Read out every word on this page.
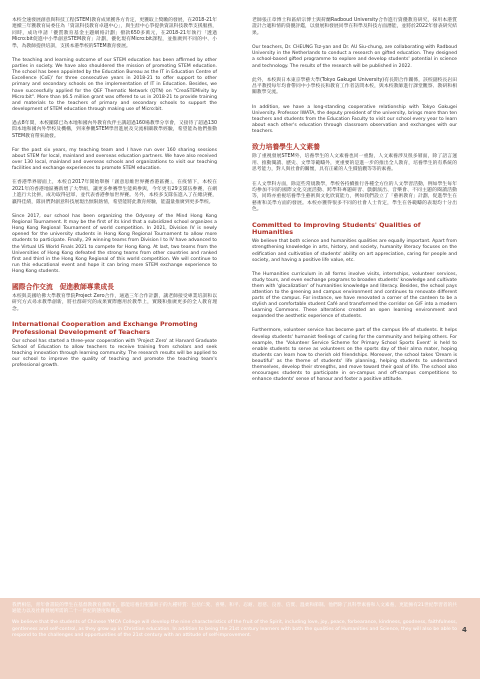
本校全速發展創意與科技工程(STEM)教育成果獲各方肯定，更獲取上獎勵的發展，在2018-21年連續三年獲教育局委任為「資訊科技教育卓越中心」，與生涯中心爭提供資訊科技教學支援服務，同時，成功申請「優質教育基金主題網絡計劃」撥款650多萬元，在2018-21年執行「透過Micro:bit促進中小學創意STEM教育」計劃，優化現有Micro:bit課程，並推廣到不同的中、小學，為教師提供培訓，支援本港學校的STEM教育發展。

The teaching and learning outcome of our STEM education has been affirmed by other parties in society. We have also shouldered the mission of promoting STEM education. The school has been appointed by the Education Bureau as the IT in Education Centre of Excellence (CoE)' for three consecutive years in 2018-21 to offer support to other primary and secondary schools on the implementation of IT in Education. Besides, we have successfully applied for the QEF Thematic Network (QTN) on "CreaSTEMivity by Micro:bit". More than $6.5 million grant was offered to us in 2018-21 to provide training and materials to the teachers of primary and secondary schools to support the development of STEM education through making use of Micro:bit.

過去8年間，本校團隊已為本地和國內外教育伙伴主講超過160場教學分享會，又接待了超過130間本地和國內外學校及機構，到來參觀STEM學習進展及交流相關教學經驗，希望能為他們推動STEM教育帶來啟發。

For the past six years, my teaching team and I have run over 160 sharing sessions about STEM for local, mainland and overseas education partners. We have also received over 130 local, mainland and overseas schools and organizations to visit our teaching facilities and exchange experiences to promote STEM education.

在香港學界層面上，本校自2017年開始舉辦「創意思維世界賽香港區賽」，在疫情下，本校在2021年的香港地區賽新增了大學組，讓更多參賽學生能夠參與，今年更有29支隊伍參賽，在網上進行大比拼，成功取得冠軍，並代表香港參加世界賽。另外，本校多支隊伍進入了在總決賽，贏得佳績，隊員們對創意科技展現出無限熱情，希望能將此教育經驗，能盡量推廣到更多學校。

Since 2017, our school has been organizing the Odyssey of the Mind Hong Kong Regional Tournament. It may be the first of its kind that a subsidized school organizes a Hong Kong Regional Tournament of world competition. In 2021, Division IV is newly opened for the university students in Hong Kong Regional Tournament to allow more students to participate. Finally, 29 winning teams from Division I to IV have advanced to the Virtual US World Finals 2021 to compete for Hong Kong. At last, two teams from the Universities of Hong Kong defeated the strong teams from other countries and ranked first and third in the Hong Kong Regional of this world competition. We will continue to run this educational event and hope it can bring more STEM exchange experience to Hong Kong students.

國際合作交流　促進教師專業成長

本校與美國哈佛大學教育學院Project Zero合作，通過三年合作計劃，讓老師接受專業培訓和以研究方式尋求教學創新，將社群研究的成果實際應用於教學上，實踐和推廣更多的全人教育理念。

International Cooperation and Exchange Promoting Professional Development of Teachers

Our school has started a three-year cooperation with 'Project Zero' at Harvard Graduate School of Education to allow teachers to receive training from scholars and seek teaching innovation through learning community. The research results will be applied to our school to improve the quality of teaching and promote the teaching team's professional growth.

老師張正章博士和區紹宗博士與荷蘭Radboud University合作進行資優教育研究，採用本港質證計合適和情的資優評鑑，以發展和發展同學在科學及科技方面潛能，並將於2022年發表研究結果。

Our teachers, Dr. CHEUNG Tsz-yan and Dr. AU Siu-chung, are collaborating with Radboud University in the Netherlands to conduct a research on gifted education. They designed a school-based gifted programme to explore and develop students' potential in science and technology. The results of the research will be published in 2022.

此外，本校與日本東京學藝大學(Tokyo Gakugei University)有長期合作關係，該校副校長岩田昌平教授每年均會帶同中小學校長和教育工作者訪問本校，與本校教師進行課堂觀察、教研和相關教學交流。

In addition, we have a long-standing cooperative relationship with Tokyo Gakugei University. Professor IWATA, the deputy president of the university, brings more than ten teachers and students from the Education Faculty to visit our school every year to learn about each other's education through classroom observation and exchanges with our teachers.

致力培養學生人文素養

除了重視發展STEM外，培養學生的人文素養也同一重點，人文素養涉及很多層面，除了語言運用、推動閱讀、歷史、文學等範疇外，更重要的是進一步的推出全人教育，培養學生的有系統的思考能力，對人與社會的關懷，具有正確的人生價值觀等等的素養。

在人文學科方面，除這些常規教學，學校各持續推行各種全方位的人文學習活動，例如學生每年均參加不同的國際文化交流活動、跨學科專題研習、戲劇演出、音樂會、不同主題的閱讀活動等，同時亦重視培養學生藝術與文化欣賞能力，例如我們設立了「藝術教育」計劃，促進學生在藝術和美學方面的發展。本校亦獲得很多不同的社會人士肯定，學生在各範疇的表現均十分出色。

Committed to Improving Students' Qualities of Humanities

We believe that both science and humanities qualities are equally important. Apart from strengthening knowledge in arts, history, and society, humanity literacy focuses on the edification and cultivation of students' ability on art appreciation, caring for people and society, and having a positive life value, etc.

The Humanities curriculum in all forms involve visits, internships, volunteer services, study tours, and even exchange programs to broaden students' knowledge and cultivate them with 'glocalization' of humanities knowledge and literacy. Besides, the school pays attention to the greening and campus environment and continues to renovate different parts of the campus. For instance, we have renovated a corner of the canteen to be a stylish and comfortable student Café and transformed the corridor on G/F into a modern Learning Commons. These alterations created an open learning environment and expanded the aesthetic experience of students.

Furthermore, volunteer service has become part of the campus life of students. It helps develop students' humanist feelings of caring for the community and helping others. For example, the 'Volunteer Service Scheme for Primary School Sports Event' is held to enable students to serve as volunteers on the sports day of their alma mater, hoping students can learn how to cherish old friendships. Moreover, the school takes 'Dream is beautiful' as the theme of students' life planning, helping students to understand themselves, develop their strengths, and move toward their goal of life. The school also encourages students to participate in on-campus and off-campus competitions to enhance students' sense of honour and foster a positive attitude.

我們相信，青年會書院的學生在基督教教育薰陶下，都能培養出聖靈果子的九種特質：包括仁愛、喜樂、和平、忍耐、恩慈、良善、信實、溫柔和節制。他們除了具科學素養和人文素養，更能擁有21世紀學習者的共通能力以及社會發展所需的二十一世紀的態度和機遇。

We believe that the students of Chinese YMCA College will develop the nine characteristics of the fruit of the Spirit, including love, joy, peace, forbearance, kindness, goodness, faithfulness, gentleness and self-control, as they grow up in Christian education. In addition to being the 21st century learners with both the qualities of Humanities and Science, they will also be able to respond to the challenges and opportunities of the 21st century with an attitude of self-improvement.

4
